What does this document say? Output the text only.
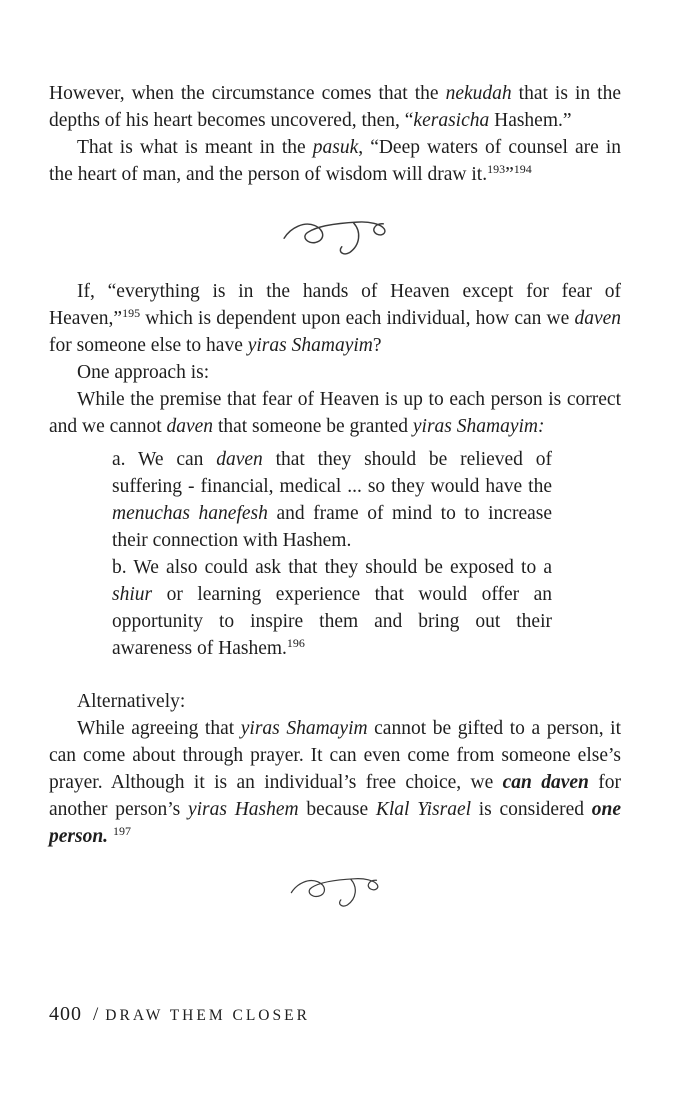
However, when the circumstance comes that the nekudah that is in the depths of his heart becomes uncovered, then, “kerasicha Hashem.”

That is what is meant in the pasuk, “Deep waters of counsel are in the heart of man, and the person of wisdom will draw it.$^{193}$”$^{194}$

If, “everything is in the hands of Heaven except for fear of Heaven,”$^{195}$ which is dependent upon each individual, how can we daven for someone else to have yiras Shamayim?

One approach is:

While the premise that fear of Heaven is up to each person is correct and we cannot daven that someone be granted yiras Shamayim:

a. We can daven that they should be relieved of suffering - financial, medical ... so they would have the menuchas hanefesh and frame of mind to to increase their connection with Hashem.

b. We also could ask that they should be exposed to a shiur or learning experience that would offer an opportunity to inspire them and bring out their awareness of Hashem.$^{196}$

Alternatively:

While agreeing that yiras Shamayim cannot be gifted to a person, it can come about through prayer. It can even come from someone else’s prayer. Although it is an individual’s free choice, we can daven for another person’s yiras Hashem because Klal Yisrael is considered one person. $^{197}$

400 / DRAW THEM CLOSER
